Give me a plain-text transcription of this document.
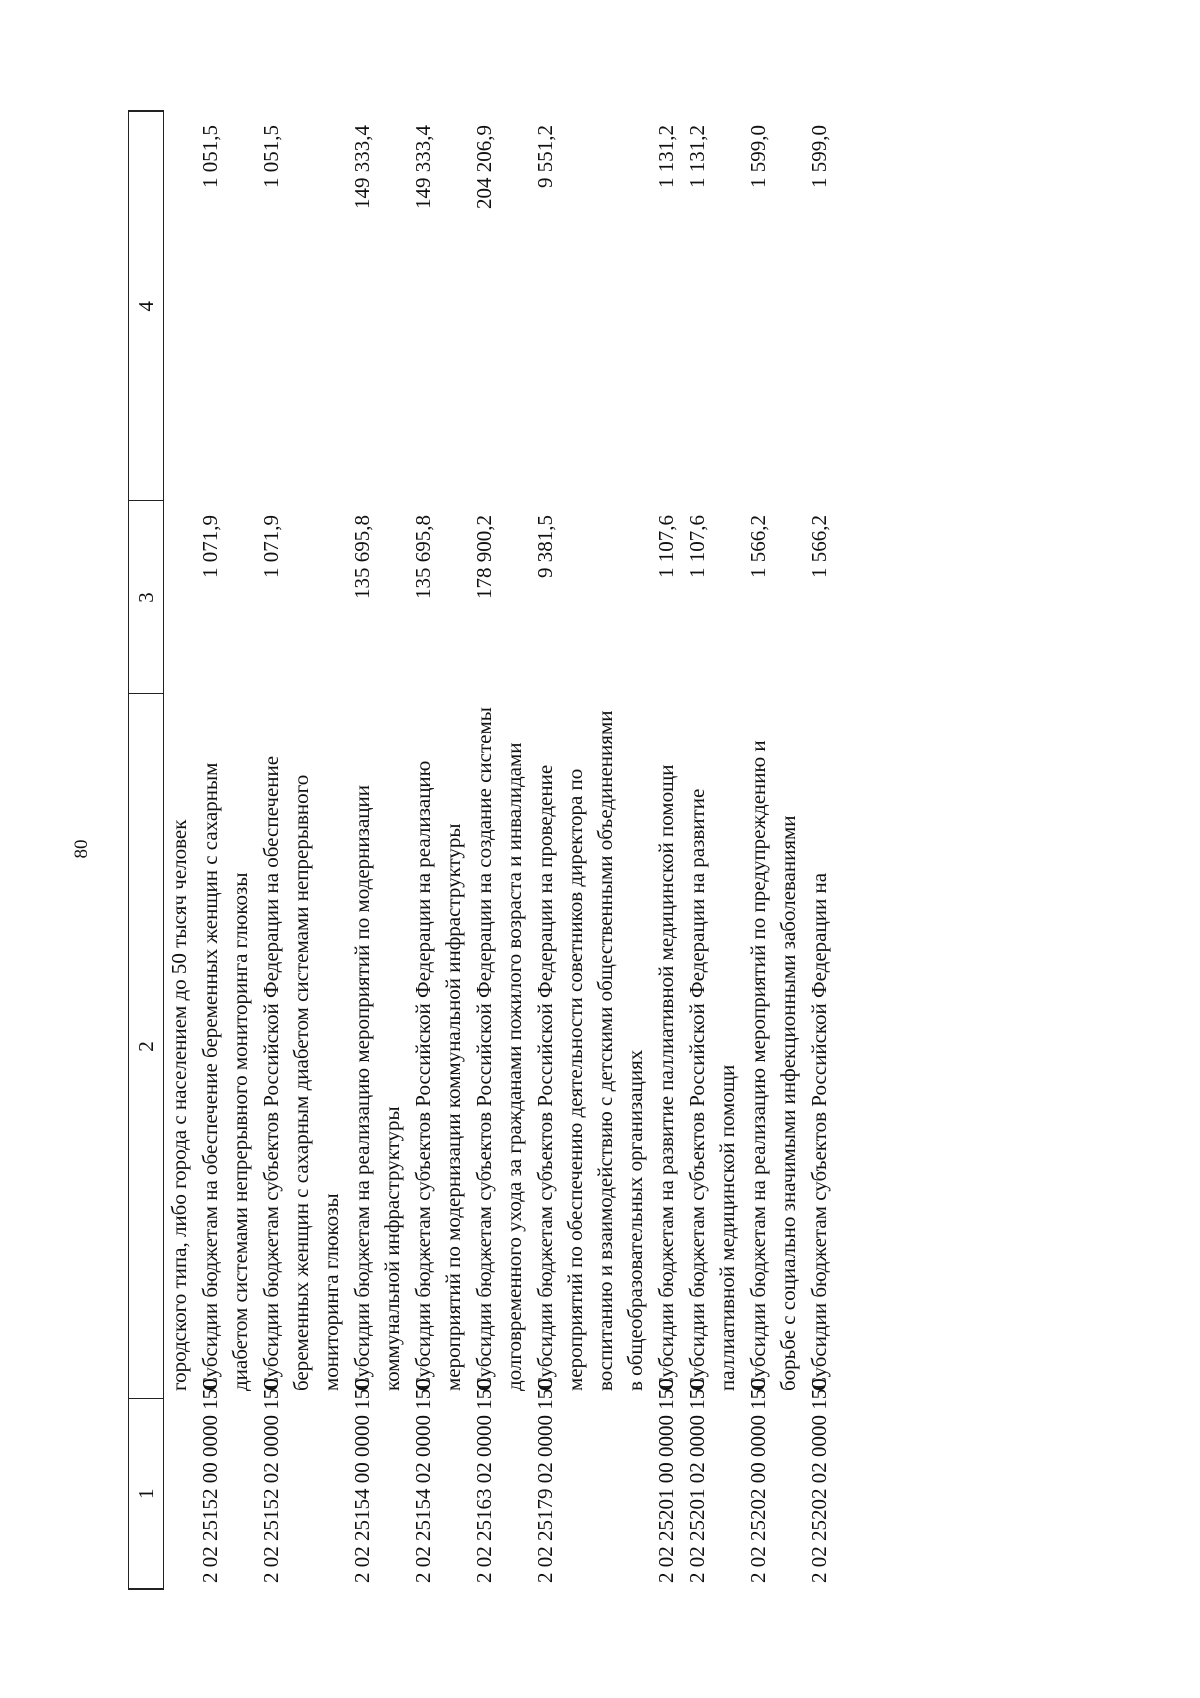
80
1	2	3	4
	городского типа, либо города с населением до 50 тысяч человек		
2 02 25152 00 0000 150	Субсидии бюджетам на обеспечение беременных женщин с сахарным диабетом системами непрерывного мониторинга глюкозы	1 071,9	1 051,5
2 02 25152 02 0000 150	Субсидии бюджетам субъектов Российской Федерации на обеспечение беременных женщин с сахарным диабетом системами непрерывного мониторинга глюкозы	1 071,9	1 051,5
2 02 25154 00 0000 150	Субсидии бюджетам на реализацию мероприятий по модернизации коммунальной инфраструктуры	135 695,8	149 333,4
2 02 25154 02 0000 150	Субсидии бюджетам субъектов Российской Федерации на реализацию мероприятий по модернизации коммунальной инфраструктуры	135 695,8	149 333,4
2 02 25163 02 0000 150	Субсидии бюджетам субъектов Российской Федерации на создание системы долговременного ухода за гражданами пожилого возраста и инвалидами	178 900,2	204 206,9
2 02 25179 02 0000 150	Субсидии бюджетам субъектов Российской Федерации на проведение мероприятий по обеспечению деятельности советников директора по воспитанию и взаимодействию с детскими общественными объединениями в общеобразовательных организациях	9 381,5	9 551,2
2 02 25201 00 0000 150	Субсидии бюджетам на развитие паллиативной медицинской помощи	1 107,6	1 131,2
2 02 25201 02 0000 150	Субсидии бюджетам субъектов Российской Федерации на развитие паллиативной медицинской помощи	1 107,6	1 131,2
2 02 25202 00 0000 150	Субсидии бюджетам на реализацию мероприятий по предупреждению и борьбе с социально значимыми инфекционными заболеваниями	1 566,2	1 599,0
2 02 25202 02 0000 150	Субсидии бюджетам субъектов Российской Федерации на	1 566,2	1 599,0
